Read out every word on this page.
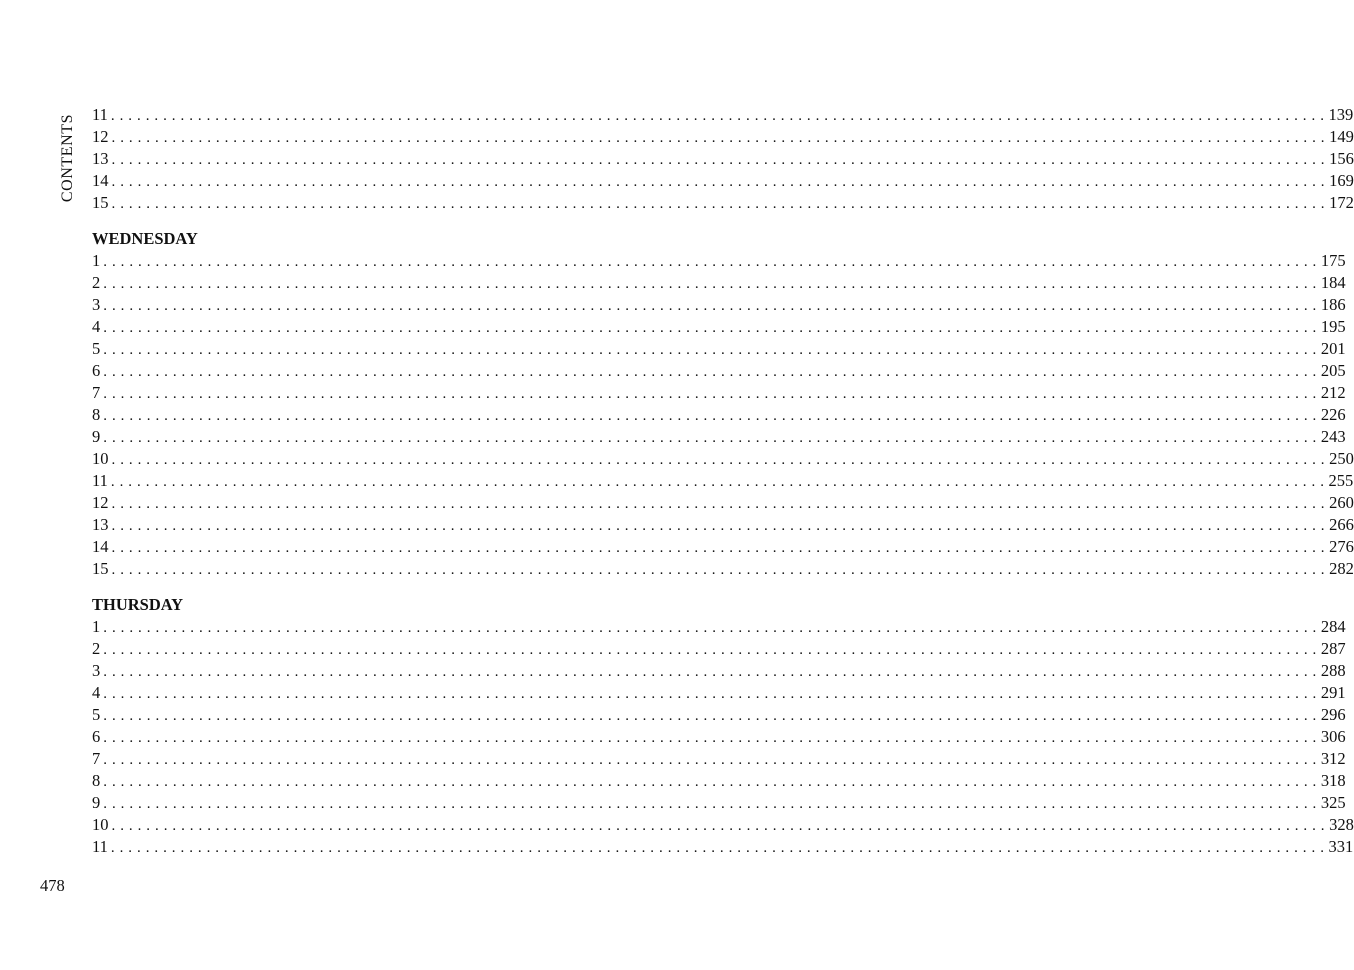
CONTENTS 11 . . . . . . . . . . . . . . . . . . . . . . . . . . . . . . . . . . . . . . . . . . . . . . . . . . . . . . . . . . . . . . . . . . . . . . . . . . . . . . . . . . . . . . . . . . . . . . . . . . . . . . . . . . . . . . . . . . . . . . . . . . . . . . . . . . . . . . . . . . . . 139
12 . . . . . . . . . . . . . . . . . . . . . . . . . . . . . . . . . . . . . . . . . . . . . . . . . . . . . . . . . . . . . . . . . . . . . . . . . . . . . . . . . . . . . . . . . . . . . . . . . . . . . . . . . . . . . . . . . . . . . . . . . . . . . . . . . . . . . . . . . . . . 149
13 . . . . . . . . . . . . . . . . . . . . . . . . . . . . . . . . . . . . . . . . . . . . . . . . . . . . . . . . . . . . . . . . . . . . . . . . . . . . . . . . . . . . . . . . . . . . . . . . . . . . . . . . . . . . . . . . . . . . . . . . . . . . . . . . . . . . . . . . . . . . 156
14 . . . . . . . . . . . . . . . . . . . . . . . . . . . . . . . . . . . . . . . . . . . . . . . . . . . . . . . . . . . . . . . . . . . . . . . . . . . . . . . . . . . . . . . . . . . . . . . . . . . . . . . . . . . . . . . . . . . . . . . . . . . . . . . . . . . . . . . . . . . . 169
15 . . . . . . . . . . . . . . . . . . . . . . . . . . . . . . . . . . . . . . . . . . . . . . . . . . . . . . . . . . . . . . . . . . . . . . . . . . . . . . . . . . . . . . . . . . . . . . . . . . . . . . . . . . . . . . . . . . . . . . . . . . . . . . . . . . . . . . . . . . . . 172
WEDNESDAY
1 . . . . . . . . . . . . . . . . . . . . . . . . . . . . . . . . . . . . . . . . . . . . . . . . . . . . . . . . . . . . . . . . . . . . . . . . . . . . . . . . . . . . . . . . . . . . . . . . . . . . . . . . . . . . . . . . . . . . . . . . . . . . . . . . . . . . . . . . . . . . 175
2 . . . . . . . . . . . . . . . . . . . . . . . . . . . . . . . . . . . . . . . . . . . . . . . . . . . . . . . . . . . . . . . . . . . . . . . . . . . . . . . . . . . . . . . . . . . . . . . . . . . . . . . . . . . . . . . . . . . . . . . . . . . . . . . . . . . . . . . . . . . . 184
3 . . . . . . . . . . . . . . . . . . . . . . . . . . . . . . . . . . . . . . . . . . . . . . . . . . . . . . . . . . . . . . . . . . . . . . . . . . . . . . . . . . . . . . . . . . . . . . . . . . . . . . . . . . . . . . . . . . . . . . . . . . . . . . . . . . . . . . . . . . . . 186
4 . . . . . . . . . . . . . . . . . . . . . . . . . . . . . . . . . . . . . . . . . . . . . . . . . . . . . . . . . . . . . . . . . . . . . . . . . . . . . . . . . . . . . . . . . . . . . . . . . . . . . . . . . . . . . . . . . . . . . . . . . . . . . . . . . . . . . . . . . . . . 195
5 . . . . . . . . . . . . . . . . . . . . . . . . . . . . . . . . . . . . . . . . . . . . . . . . . . . . . . . . . . . . . . . . . . . . . . . . . . . . . . . . . . . . . . . . . . . . . . . . . . . . . . . . . . . . . . . . . . . . . . . . . . . . . . . . . . . . . . . . . . . . 201
6 . . . . . . . . . . . . . . . . . . . . . . . . . . . . . . . . . . . . . . . . . . . . . . . . . . . . . . . . . . . . . . . . . . . . . . . . . . . . . . . . . . . . . . . . . . . . . . . . . . . . . . . . . . . . . . . . . . . . . . . . . . . . . . . . . . . . . . . . . . . . 205
7 . . . . . . . . . . . . . . . . . . . . . . . . . . . . . . . . . . . . . . . . . . . . . . . . . . . . . . . . . . . . . . . . . . . . . . . . . . . . . . . . . . . . . . . . . . . . . . . . . . . . . . . . . . . . . . . . . . . . . . . . . . . . . . . . . . . . . . . . . . . . 212
8 . . . . . . . . . . . . . . . . . . . . . . . . . . . . . . . . . . . . . . . . . . . . . . . . . . . . . . . . . . . . . . . . . . . . . . . . . . . . . . . . . . . . . . . . . . . . . . . . . . . . . . . . . . . . . . . . . . . . . . . . . . . . . . . . . . . . . . . . . . . . 226
9 . . . . . . . . . . . . . . . . . . . . . . . . . . . . . . . . . . . . . . . . . . . . . . . . . . . . . . . . . . . . . . . . . . . . . . . . . . . . . . . . . . . . . . . . . . . . . . . . . . . . . . . . . . . . . . . . . . . . . . . . . . . . . . . . . . . . . . . . . . . . 243
10 . . . . . . . . . . . . . . . . . . . . . . . . . . . . . . . . . . . . . . . . . . . . . . . . . . . . . . . . . . . . . . . . . . . . . . . . . . . . . . . . . . . . . . . . . . . . . . . . . . . . . . . . . . . . . . . . . . . . . . . . . . . . . . . . . . . . . . . . . . . . 250
11 . . . . . . . . . . . . . . . . . . . . . . . . . . . . . . . . . . . . . . . . . . . . . . . . . . . . . . . . . . . . . . . . . . . . . . . . . . . . . . . . . . . . . . . . . . . . . . . . . . . . . . . . . . . . . . . . . . . . . . . . . . . . . . . . . . . . . . . . . . . . 255
12 . . . . . . . . . . . . . . . . . . . . . . . . . . . . . . . . . . . . . . . . . . . . . . . . . . . . . . . . . . . . . . . . . . . . . . . . . . . . . . . . . . . . . . . . . . . . . . . . . . . . . . . . . . . . . . . . . . . . . . . . . . . . . . . . . . . . . . . . . . . . 260
13 . . . . . . . . . . . . . . . . . . . . . . . . . . . . . . . . . . . . . . . . . . . . . . . . . . . . . . . . . . . . . . . . . . . . . . . . . . . . . . . . . . . . . . . . . . . . . . . . . . . . . . . . . . . . . . . . . . . . . . . . . . . . . . . . . . . . . . . . . . . . 266
14 . . . . . . . . . . . . . . . . . . . . . . . . . . . . . . . . . . . . . . . . . . . . . . . . . . . . . . . . . . . . . . . . . . . . . . . . . . . . . . . . . . . . . . . . . . . . . . . . . . . . . . . . . . . . . . . . . . . . . . . . . . . . . . . . . . . . . . . . . . . . 276
15 . . . . . . . . . . . . . . . . . . . . . . . . . . . . . . . . . . . . . . . . . . . . . . . . . . . . . . . . . . . . . . . . . . . . . . . . . . . . . . . . . . . . . . . . . . . . . . . . . . . . . . . . . . . . . . . . . . . . . . . . . . . . . . . . . . . . . . . . . . . . 282
THURSDAY
1 . . . . . . . . . . . . . . . . . . . . . . . . . . . . . . . . . . . . . . . . . . . . . . . . . . . . . . . . . . . . . . . . . . . . . . . . . . . . . . . . . . . . . . . . . . . . . . . . . . . . . . . . . . . . . . . . . . . . . . . . . . . . . . . . . . . . . . . . . . . . 284
2 . . . . . . . . . . . . . . . . . . . . . . . . . . . . . . . . . . . . . . . . . . . . . . . . . . . . . . . . . . . . . . . . . . . . . . . . . . . . . . . . . . . . . . . . . . . . . . . . . . . . . . . . . . . . . . . . . . . . . . . . . . . . . . . . . . . . . . . . . . . . 287
3 . . . . . . . . . . . . . . . . . . . . . . . . . . . . . . . . . . . . . . . . . . . . . . . . . . . . . . . . . . . . . . . . . . . . . . . . . . . . . . . . . . . . . . . . . . . . . . . . . . . . . . . . . . . . . . . . . . . . . . . . . . . . . . . . . . . . . . . . . . . . 288
4 . . . . . . . . . . . . . . . . . . . . . . . . . . . . . . . . . . . . . . . . . . . . . . . . . . . . . . . . . . . . . . . . . . . . . . . . . . . . . . . . . . . . . . . . . . . . . . . . . . . . . . . . . . . . . . . . . . . . . . . . . . . . . . . . . . . . . . . . . . . . 291
5 . . . . . . . . . . . . . . . . . . . . . . . . . . . . . . . . . . . . . . . . . . . . . . . . . . . . . . . . . . . . . . . . . . . . . . . . . . . . . . . . . . . . . . . . . . . . . . . . . . . . . . . . . . . . . . . . . . . . . . . . . . . . . . . . . . . . . . . . . . . . 296
6 . . . . . . . . . . . . . . . . . . . . . . . . . . . . . . . . . . . . . . . . . . . . . . . . . . . . . . . . . . . . . . . . . . . . . . . . . . . . . . . . . . . . . . . . . . . . . . . . . . . . . . . . . . . . . . . . . . . . . . . . . . . . . . . . . . . . . . . . . . . . 306
7 . . . . . . . . . . . . . . . . . . . . . . . . . . . . . . . . . . . . . . . . . . . . . . . . . . . . . . . . . . . . . . . . . . . . . . . . . . . . . . . . . . . . . . . . . . . . . . . . . . . . . . . . . . . . . . . . . . . . . . . . . . . . . . . . . . . . . . . . . . . . 312
8 . . . . . . . . . . . . . . . . . . . . . . . . . . . . . . . . . . . . . . . . . . . . . . . . . . . . . . . . . . . . . . . . . . . . . . . . . . . . . . . . . . . . . . . . . . . . . . . . . . . . . . . . . . . . . . . . . . . . . . . . . . . . . . . . . . . . . . . . . . . . 318
9 . . . . . . . . . . . . . . . . . . . . . . . . . . . . . . . . . . . . . . . . . . . . . . . . . . . . . . . . . . . . . . . . . . . . . . . . . . . . . . . . . . . . . . . . . . . . . . . . . . . . . . . . . . . . . . . . . . . . . . . . . . . . . . . . . . . . . . . . . . . . 325
10 . . . . . . . . . . . . . . . . . . . . . . . . . . . . . . . . . . . . . . . . . . . . . . . . . . . . . . . . . . . . . . . . . . . . . . . . . . . . . . . . . . . . . . . . . . . . . . . . . . . . . . . . . . . . . . . . . . . . . . . . . . . . . . . . . . . . . . . . . . . . 328
11 . . . . . . . . . . . . . . . . . . . . . . . . . . . . . . . . . . . . . . . . . . . . . . . . . . . . . . . . . . . . . . . . . . . . . . . . . . . . . . . . . . . . . . . . . . . . . . . . . . . . . . . . . . . . . . . . . . . . . . . . . . . . . . . . . . . . . . . . . . . . 331
478
